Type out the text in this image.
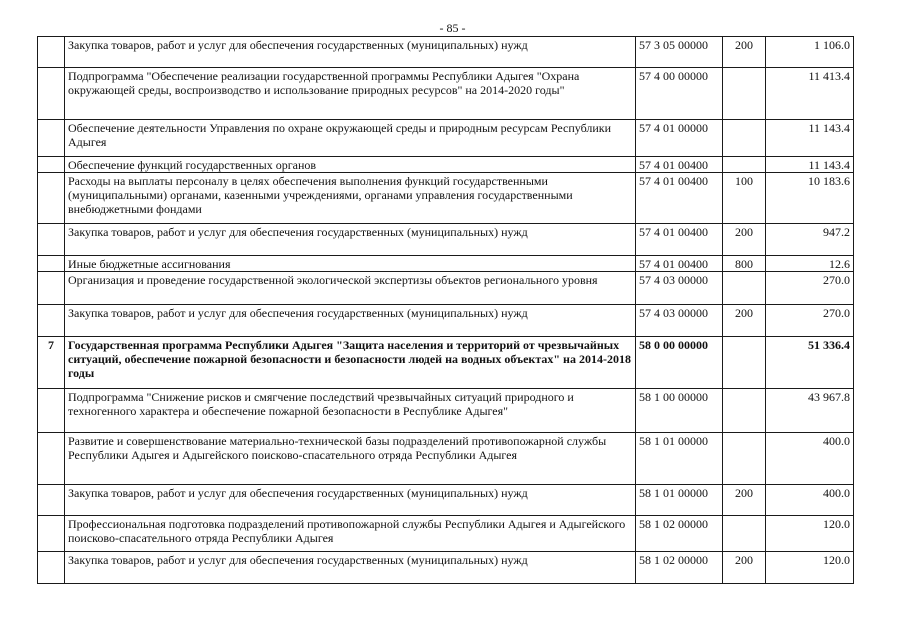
- 85 -
	Закупка товаров, работ и услуг для обеспечения государственных (муниципальных) нужд	57 3 05 00000	200	1 106.0
	Подпрограмма "Обеспечение реализации государственной программы Республики Адыгея "Охрана окружающей среды, воспроизводство и использование природных ресурсов" на 2014-2020 годы"	57 4 00 00000		11 413.4
	Обеспечение деятельности Управления по охране окружающей среды и природным ресурсам Республики Адыгея	57 4 01 00000		11 143.4
	Обеспечение функций государственных органов	57 4 01 00400		11 143.4
	Расходы на выплаты персоналу в целях обеспечения выполнения функций государственными (муниципальными) органами, казенными учреждениями, органами управления государственными внебюджетными фондами	57 4 01 00400	100	10 183.6
	Закупка товаров, работ и услуг для обеспечения государственных (муниципальных) нужд	57 4 01 00400	200	947.2
	Иные бюджетные ассигнования	57 4 01 00400	800	12.6
	Организация и проведение государственной экологической экспертизы объектов регионального уровня	57 4 03 00000		270.0
	Закупка товаров, работ и услуг для обеспечения государственных (муниципальных) нужд	57 4 03 00000	200	270.0
7	Государственная программа Республики Адыгея "Защита населения и территорий от чрезвычайных ситуаций, обеспечение пожарной безопасности и безопасности людей на водных объектах" на 2014-2018 годы	58 0 00 00000		51 336.4
	Подпрограмма "Снижение рисков и смягчение последствий чрезвычайных ситуаций природного и техногенного характера и обеспечение пожарной безопасности в Республике Адыгея"	58 1 00 00000		43 967.8
	Развитие и совершенствование материально-технической базы подразделений противопожарной службы Республики Адыгея и Адыгейского поисково-спасательного отряда Республики Адыгея	58 1 01 00000		400.0
	Закупка товаров, работ и услуг для обеспечения государственных (муниципальных) нужд	58 1 01 00000	200	400.0
	Профессиональная подготовка подразделений противопожарной службы Республики Адыгея и Адыгейского поисково-спасательного отряда Республики Адыгея	58 1 02 00000		120.0
	Закупка товаров, работ и услуг для обеспечения государственных (муниципальных) нужд	58 1 02 00000	200	120.0
